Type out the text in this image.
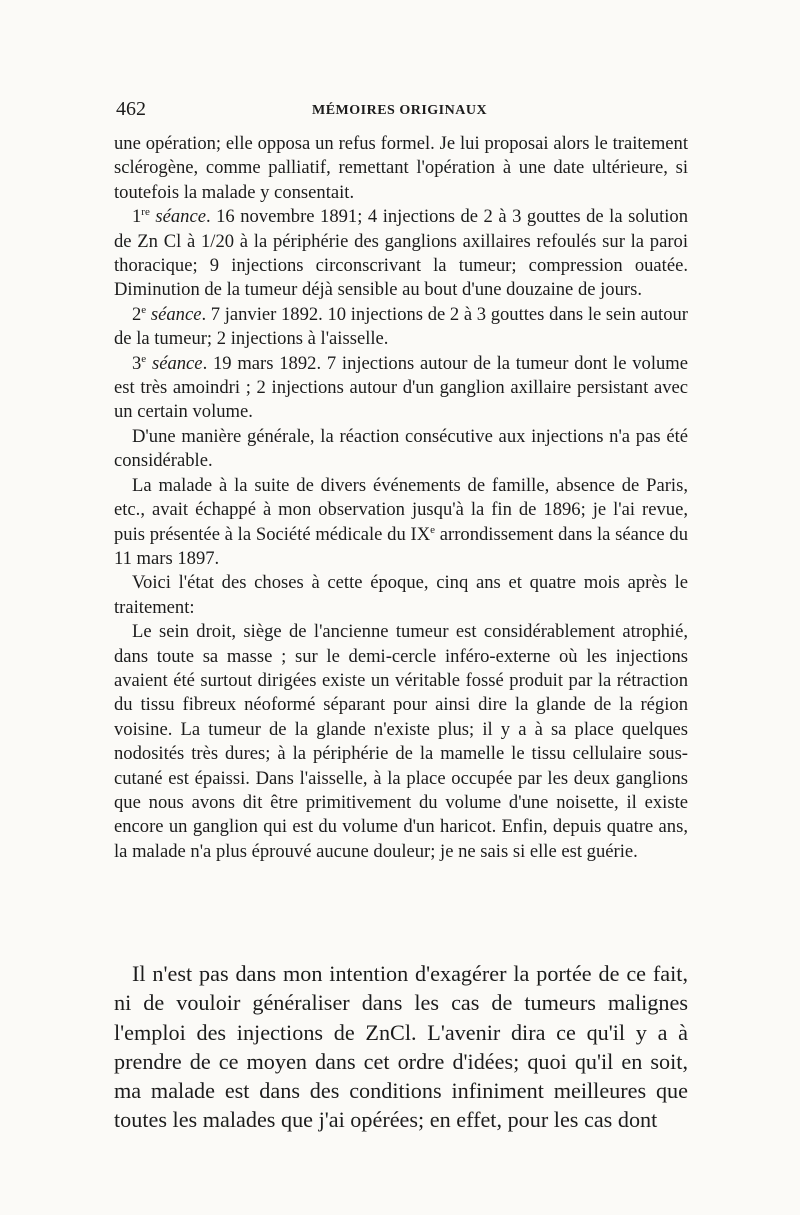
462	MÉMOIRES ORIGINAUX

une opération; elle opposa un refus formel. Je lui proposai alors le traitement sclérogène, comme palliatif, remettant l'opération à une date ultérieure, si toutefois la malade y consentait.

1re séance. 16 novembre 1891; 4 injections de 2 à 3 gouttes de la solution de Zn Cl à 1/20 à la périphérie des ganglions axillaires refoulés sur la paroi thoracique; 9 injections circonscrivant la tumeur; compression ouatée. Diminution de la tumeur déjà sensible au bout d'une douzaine de jours.

2e séance. 7 janvier 1892. 10 injections de 2 à 3 gouttes dans le sein autour de la tumeur; 2 injections à l'aisselle.

3e séance. 19 mars 1892. 7 injections autour de la tumeur dont le volume est très amoindri ; 2 injections autour d'un ganglion axillaire persistant avec un certain volume.

D'une manière générale, la réaction consécutive aux injections n'a pas été considérable.

La malade à la suite de divers événements de famille, absence de Paris, etc., avait échappé à mon observation jusqu'à la fin de 1896; je l'ai revue, puis présentée à la Société médicale du IXe arrondissement dans la séance du 11 mars 1897.

Voici l'état des choses à cette époque, cinq ans et quatre mois après le traitement:

Le sein droit, siège de l'ancienne tumeur est considérablement atrophié, dans toute sa masse ; sur le demi-cercle inféro-externe où les injections avaient été surtout dirigées existe un véritable fossé produit par la rétraction du tissu fibreux néoformé séparant pour ainsi dire la glande de la région voisine. La tumeur de la glande n'existe plus; il y a à sa place quelques nodosités très dures; à la périphérie de la mamelle le tissu cellulaire sous-cutané est épaissi. Dans l'aisselle, à la place occupée par les deux ganglions que nous avons dit être primitivement du volume d'une noisette, il existe encore un ganglion qui est du volume d'un haricot. Enfin, depuis quatre ans, la malade n'a plus éprouvé aucune douleur; je ne sais si elle est guérie.

Il n'est pas dans mon intention d'exagérer la portée de ce fait, ni de vouloir généraliser dans les cas de tumeurs malignes l'emploi des injections de ZnCl. L'avenir dira ce qu'il y a à prendre de ce moyen dans cet ordre d'idées; quoi qu'il en soit, ma malade est dans des conditions infiniment meilleures que toutes les malades que j'ai opérées; en effet, pour les cas dont
